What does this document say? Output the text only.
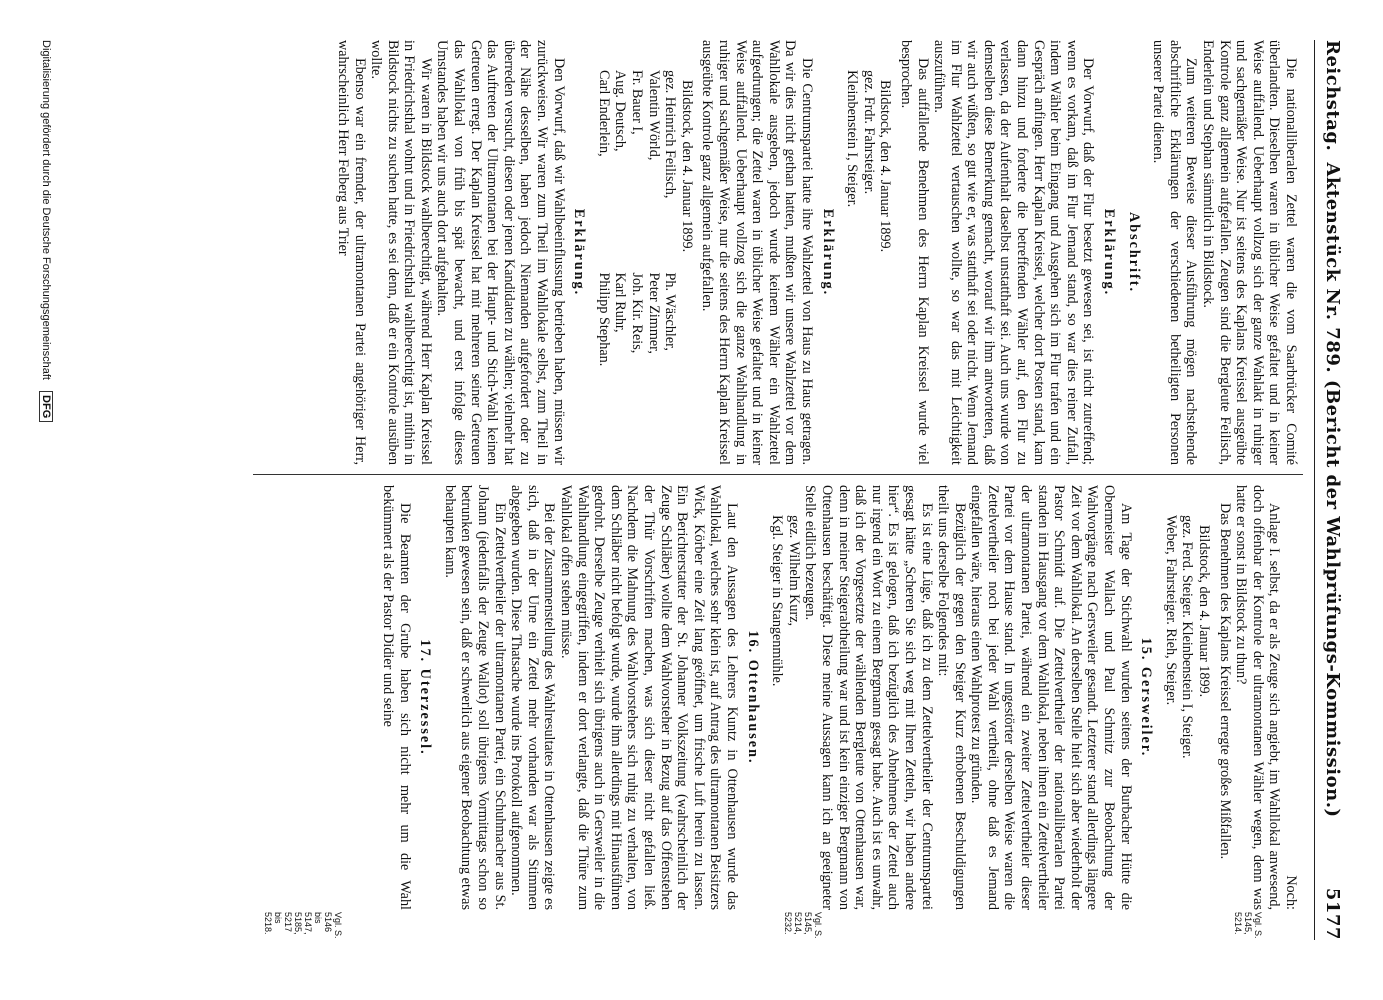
Reichstag.
Aktenstück Nr. 789. (Bericht der Wahlprüfungs-Kommission.)
5177

Die nationalliberalen Zettel waren die vom Saarbrücker Comité überlandten. Dieselben waren in üblicher Weise gefaltet und in keiner Weise auffallend. Ueberhaupt vollzog sich der ganze Wahlakt in ruhiger und sachgemäßer Weise. Nur ist seitens des Kaplans Kreissel ausgeübte Kontrole ganz allgemein aufgefallen. Zeugen sind die Bergleute Feilisch, Enderlein und Stephan sämmtlich in Bildstock.

Zum weiteren Beweise dieser Ausführung mögen nachstehende abschriftliche Erklärungen der verschiedenen betheiligten Personen unserer Partei dienen.

Abschrift.

Erklärung.

Der Vorwurf, daß der Flur besetzt gewesen sei, ist nicht zutreffend; wenn es vorkam, daß im Flur Jemand stand, so war dies reiner Zufall, indem Wähler beim Eingang und Ausgehen sich im Flur trafen und ein Gespräch anfingen. Herr Kaplan Kreissel, welcher dort Posten stand, kam dann hinzu und forderte die betreffenden Wähler auf, den Flur zu verlassen, da der Aufenthalt daselbst unstatthaft sei. Auch uns wurde von demselben diese Bemerkung gemacht, worauf wir ihm antworteten, daß wir auch wüßten, so gut wie er, was statthaft sei oder nicht. Wenn Jemand im Flur Wahlzettel vertauschen wollte, so war das mit Leichtigkeit auszuführen.

Das auffallende Benehmen des Herrn Kaplan Kreissel wurde viel besprochen.

Bildstock, den 4. Januar 1899.

gez. Frdr. Fahrsteiger.

Kleinbenstein I, Steiger.

Erklärung.

Die Centrumspartei hatte ihre Wahlzettel von Haus zu Haus getragen. Da wir dies nicht gethan hatten, mußten wir unsere Wahlzettel vor dem Wahllokale ausgeben, jedoch wurde keinem Wähler ein Wahlzettel aufgedrungen; die Zettel waren in üblicher Weise gefaltet und in keiner Weise auffallend. Ueberhaupt vollzog sich die ganze Wahlhandlung in ruhiger und sachgemäßer Weise, nur die seitens des Herrn Kaplan Kreissel ausgeübte Kontrole ganz allgemein aufgefallen.

Bildstock, den 4. Januar 1899.

gez. Heinrich Feilisch,
Ph. Wäschler,
Valentin Wörld,
Peter Zimmer,
Fr. Bauer I,
Joh. Kir. Reis,
Aug. Deutsch,
Karl Ruhr,
Carl Enderlein,
Philipp Stephan.

Erklärung.

Den Vorwurf, daß wir Wahlbeeinflussung betrieben haben, müssen wir zurückweisen. Wir waren zum Theil im Wahllokale selbst, zum Theil in der Nähe desselben, haben jedoch Niemanden aufgefordert oder zu überreden versucht, diesen oder jenen Kandidaten zu wählen; vielmehr hat das Auftreten der Ultramontanen bei der Haupt- und Stich-Wahl keinen Getreuen erregt. Der Kaplan Kreissel hat mit mehreren seiner Getreuen das Wahllokal von früh bis spät bewacht, und erst infolge dieses Umstandes haben wir uns auch dort aufgehalten.

Wir waren in Bildstock wahlberechtigt, während Herr Kaplan Kreissel in Friedrichsthal wohnt und in Friedrichsthal wahlberechtigt ist, mithin in Bildstock nichts zu suchen hatte, es sei denn, daß er ein Kontrole ausüben wollte.

Ebenso war ein fremder, der ultramontanen Partei angehöriger Herr, wahrscheinlich Herr Felberg aus Trier

Noch:

Anlage I. selbst, da er als Zeuge sich angiebt, im Wahllokal anwesend, doch offenbar der Kontrole der ultramontanen Wähler wegen, denn was hatte er sonst in Bildstock zu thun?

Das Benehmen des Kaplans Kreissel erregte großes Mißfallen.

Bildstock, den 4. Januar 1899.

gez. Ferd. Steiger. Kleinbenstein I, Steiger.

Weber, Fahrsteiger. Rieh, Steiger.

15. Gersweiler.

Am Tage der Stichwahl wurden seitens der Burbacher Hütte die Obermeister Wallach und Paul Schmitz zur Beobachtung der Wahlvorgänge nach Gersweiler gesandt. Letzterer stand allerdings längere Zeit vor dem Wahllokal. An derselben Stelle hielt sich aber wiederholt der Pastor Schmidt auf. Die Zettelvertheiler der nationalliberalen Partei standen im Hausgang vor dem Wahllokal, neben ihnen ein Zettelvertheiler der ultramontanen Partei, während ein zweiter Zettelvertheiler dieser Partei vor dem Hause stand. In ungestörter derselben Weise waren die Zettelvertheiler noch bei jeder Wahl vertheilt, ohne daß es Jemand eingefallen wäre, hieraus einen Wahlprotest zu gründen.

Bezüglich der gegen den Steiger Kurz erhobenen Beschuldigungen theilt uns derselbe Folgendes mit:

Es ist eine Lüge, daß ich zu dem Zettelvertheiler der Centrumspartei gesagt hätte „Scheren Sie sich weg mit Ihren Zetteln, wir haben andere hier“. Es ist gelogen, daß ich bezüglich des Abnehmens der Zettel auch nur irgend ein Wort zu einem Bergmann gesagt habe. Auch ist es unwahr, daß ich der Vorgesetzte der wählenden Bergleute von Ottenhausen war, denn in meiner Steigerabtheilung war und ist kein einziger Bergmann von Ottenhausen beschäftigt. Diese meine Aussagen kann ich an geeigneter Stelle eidlich bezeugen.

gez. Wilhelm Kurz,

Kgl. Steiger in Stangenmühle.

16. Ottenhausen.

Laut den Aussagen des Lehrers Kuntz in Ottenhausen wurde das Wahllokal, welches sehr klein ist, auf Antrag des ultramontanen Beisitzers Wick, Körber eine Zeit lang geöffnet, um frische Luft herein zu lassen. Ein Berichterstatter der St. Johanner Volkszeitung (wahrscheinlich der Zeuge Schläber) wollte dem Wahlvorsteher in Bezug auf das Offenstehen der Thür Vorschriften machen, was sich dieser nicht gefallen ließ. Nachdem die Mahnung des Wahlvorstehers sich ruhig zu verhalten, von dem Schläber nicht befolgt wurde, wurde ihm allerdings mit Hinausführen gedroht. Derselbe Zeuge verhielt sich übrigens auch in Gersweiler in die Wahlhandlung eingegriffen, indem er dort verlangte, daß die Thüre zum Wahllokal offen stehen müsse.

Bei der Zusammenstellung des Wahlresultates in Ottenhausen zeigte es sich, daß in der Urne ein Zettel mehr vorhanden war als Stimmen abgegeben wurden. Diese Thatsache wurde ins Protokoll aufgenommen.

Ein Zettelvertheiler der ultramontanen Partei, ein Schuhmacher aus St. Johann (jedenfalls der Zeuge Wallot) soll übrigens Vormittags schon so betrunken gewesen sein, daß er schwerlich aus eigener Beobachtung etwas behaupten kann.

17. Uterzessel.

Die Beamten der Grube haben sich nicht mehr um die Wahl bekümmert als der Pastor Didier und seine

Vgl. S. 5145, 5214.
Vgl. S. 5145, 5214, 5232.
Vgl. S. 5146 bis 5147, 5185, 5217 bis 5218.
Digitalisierung gefördert durch die Deutsche Forschungsgemeinschaft DFG
